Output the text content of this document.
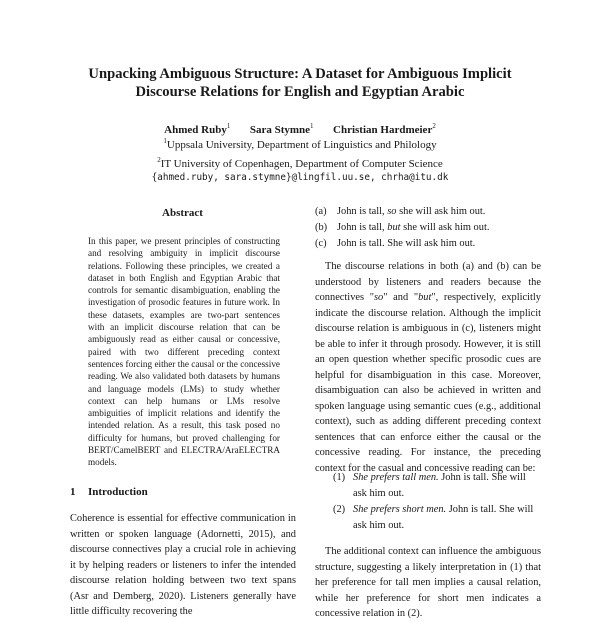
Unpacking Ambiguous Structure: A Dataset for Ambiguous Implicit
Discourse Relations for English and Egyptian Arabic
Ahmed Ruby$^1$ Sara Stymne$^1$ Christian Hardmeier$^2$
$^1$Uppsala University, Department of Linguistics and Philology
$^2$IT University of Copenhagen, Department of Computer Science
{ahmed.ruby, sara.stymne}@lingfil.uu.se, chrha@itu.dk
Abstract
In this paper, we present principles of constructing and resolving ambiguity in implicit discourse relations. Following these principles, we created a dataset in both English and Egyptian Arabic that controls for semantic disambiguation, enabling the investigation of prosodic features in future work. In these datasets, examples are two-part sentences with an implicit discourse relation that can be ambiguously read as either causal or concessive, paired with two different preceding context sentences forcing either the causal or the concessive reading. We also validated both datasets by humans and language models (LMs) to study whether context can help humans or LMs resolve ambiguities of implicit relations and identify the intended relation. As a result, this task posed no difficulty for humans, but proved challenging for BERT/CamelBERT and ELECTRA/AraELECTRA models.
1 Introduction
Coherence is essential for effective communication in written or spoken language (Adornetti, 2015), and discourse connectives play a crucial role in achieving it by helping readers or listeners to infer the intended discourse relation holding between two text spans (Asr and Demberg, 2020). Listeners generally have little difficulty recovering the
(a) John is tall, so she will ask him out.
(b) John is tall, but she will ask him out.
(c) John is tall. She will ask him out.
The discourse relations in both (a) and (b) can be understood by listeners and readers because the connectives "so" and "but", respectively, explicitly indicate the discourse relation. Although the implicit discourse relation is ambiguous in (c), listeners might be able to infer it through prosody. However, it is still an open question whether specific prosodic cues are helpful for disambiguation in this case. Moreover, disambiguation can also be achieved in written and spoken language using semantic cues (e.g., additional context), such as adding different preceding context sentences that can enforce either the causal or the concessive reading. For instance, the preceding context for the casual and concessive reading can be:
(1) She prefers tall men. John is tall. She will ask him out.
(2) She prefers short men. John is tall. She will ask him out.
The additional context can influence the ambiguous structure, suggesting a likely interpretation in (1) that her preference for tall men implies a causal relation, while her preference for short men indicates a concessive relation in (2).
